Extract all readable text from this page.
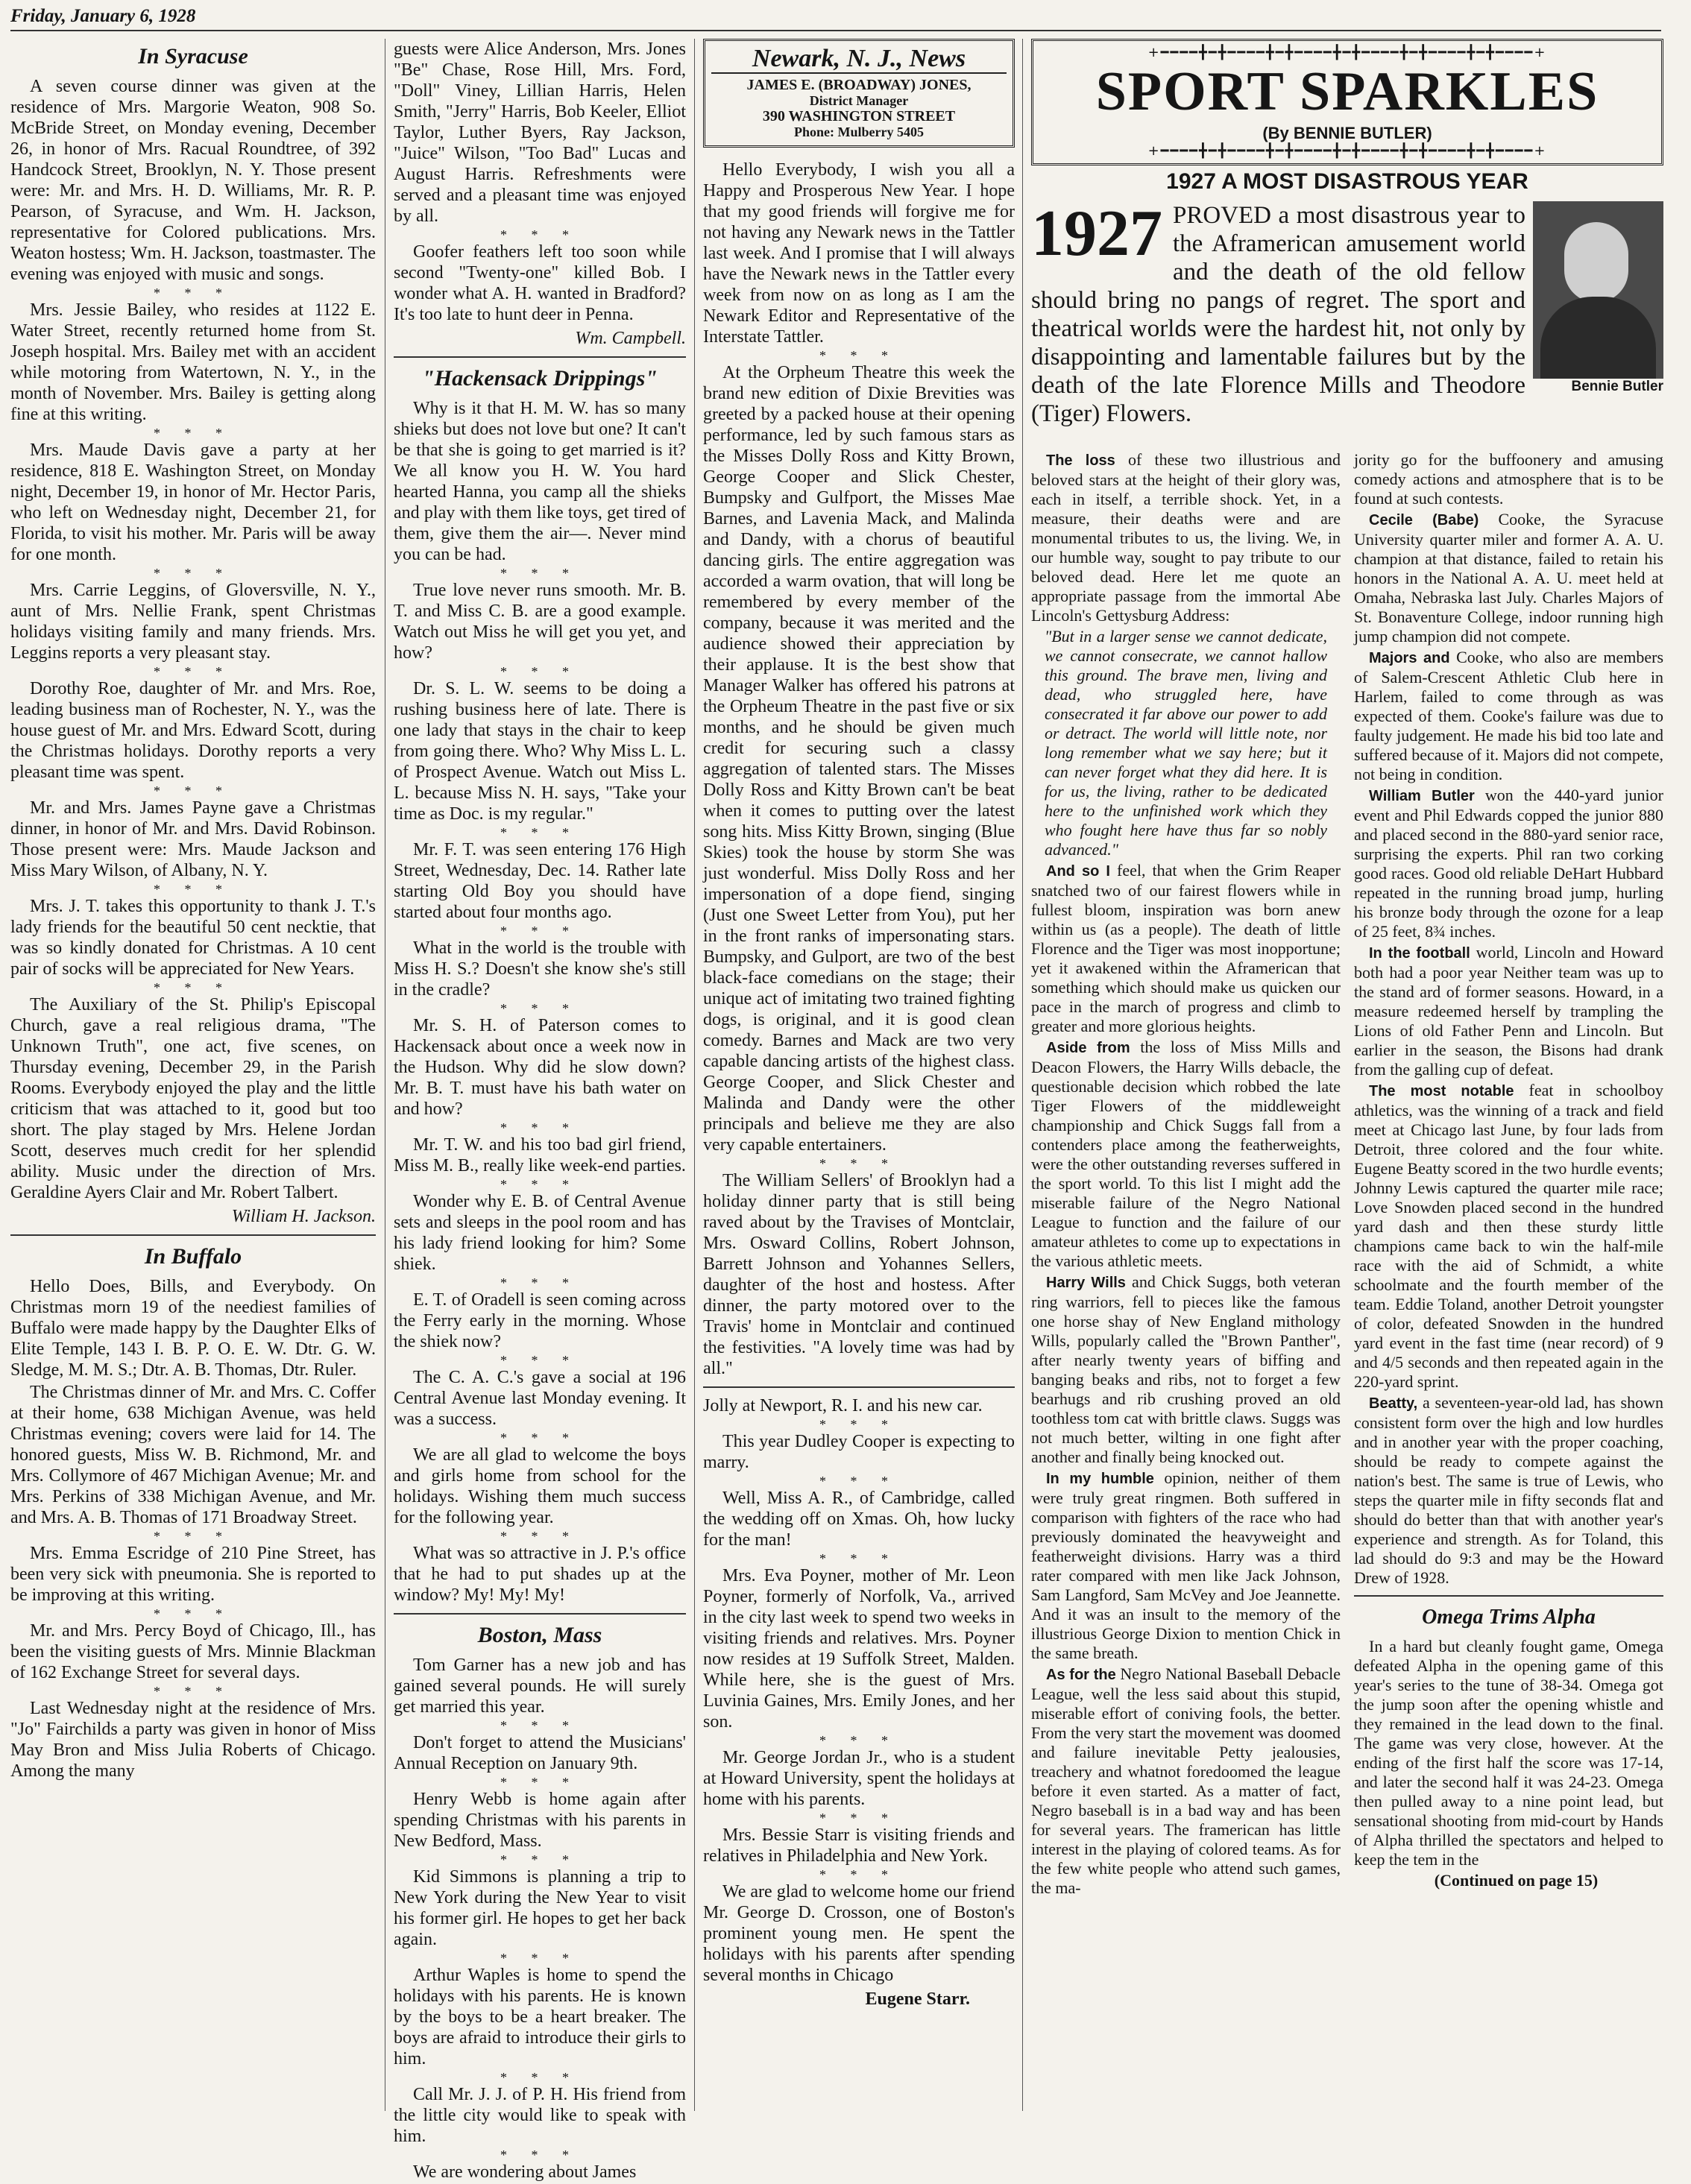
Friday, January 6, 1928
In Syracuse

A seven course dinner was given at the residence of Mrs. Margorie Weaton, 908 So. McBride Street, on Monday evening, December 26, in honor of Mrs. Racual Roundtree, of 392 Handcock Street, Brooklyn, N. Y. Those present were: Mr. and Mrs. H. D. Williams, Mr. R. P. Pearson, of Syracuse, and Wm. H. Jackson, representative for Colored publications. Mrs. Weaton hostess; Wm. H. Jackson, toastmaster. The evening was enjoyed with music and songs.

* * *

Mrs. Jessie Bailey, who resides at 1122 E. Water Street, recently returned home from St. Joseph hospital. Mrs. Bailey met with an accident while motoring from Watertown, N. Y., in the month of November. Mrs. Bailey is getting along fine at this writing.

* * *

Mrs. Maude Davis gave a party at her residence, 818 E. Washington Street, on Monday night, December 19, in honor of Mr. Hector Paris, who left on Wednesday night, December 21, for Florida, to visit his mother. Mr. Paris will be away for one month.

* * *

Mrs. Carrie Leggins, of Gloversville, N. Y., aunt of Mrs. Nellie Frank, spent Christmas holidays visiting family and many friends. Mrs. Leggins reports a very pleasant stay.

* * *

Dorothy Roe, daughter of Mr. and Mrs. Roe, leading business man of Rochester, N. Y., was the house guest of Mr. and Mrs. Edward Scott, during the Christmas holidays. Dorothy reports a very pleasant time was spent.

* * *

Mr. and Mrs. James Payne gave a Christmas dinner, in honor of Mr. and Mrs. David Robinson. Those present were: Mrs. Maude Jackson and Miss Mary Wilson, of Albany, N. Y.

* * *

Mrs. J. T. takes this opportunity to thank J. T.'s lady friends for the beautiful 50 cent necktie, that was so kindly donated for Christmas. A 10 cent pair of socks will be appreciated for New Years.

* * *

The Auxiliary of the St. Philip's Episcopal Church, gave a real religious drama, "The Unknown Truth", one act, five scenes, on Thursday evening, December 29, in the Parish Rooms. Everybody enjoyed the play and the little criticism that was attached to it, good but too short. The play staged by Mrs. Helene Jordan Scott, deserves much credit for her splendid ability. Music under the direction of Mrs. Geraldine Ayers Clair and Mr. Robert Talbert.

William H. Jackson.
In Buffalo

Hello Does, Bills, and Everybody. On Christmas morn 19 of the neediest families of Buffalo were made happy by the Daughter Elks of Elite Temple, 143 I. B. P. O. E. W. Dtr. G. W. Sledge, M. M. S.; Dtr. A. B. Thomas, Dtr. Ruler.

The Christmas dinner of Mr. and Mrs. C. Coffer at their home, 638 Michigan Avenue, was held Christmas evening; covers were laid for 14. The honored guests, Miss W. B. Richmond, Mr. and Mrs. Collymore of 467 Michigan Avenue; Mr. and Mrs. Perkins of 338 Michigan Avenue, and Mr. and Mrs. A. B. Thomas of 171 Broadway Street.

* * *

Mrs. Emma Escridge of 210 Pine Street, has been very sick with pneumonia. She is reported to be improving at this writing.

* * *

Mr. and Mrs. Percy Boyd of Chicago, Ill., has been the visiting guests of Mrs. Minnie Blackman of 162 Exchange Street for several days.

* * *

Last Wednesday night at the residence of Mrs. "Jo" Fairchilds a party was given in honor of Miss May Bron and Miss Julia Roberts of Chicago. Among the many

guests were Alice Anderson, Mrs. Jones "Be" Chase, Rose Hill, Mrs. Ford, "Doll" Viney, Lillian Harris, Helen Smith, "Jerry" Harris, Bob Keeler, Elliot Taylor, Luther Byers, Ray Jackson, "Juice" Wilson, "Too Bad" Lucas and August Harris. Refreshments were served and a pleasant time was enjoyed by all.

* * *

Goofer feathers left too soon while second "Twenty-one" killed Bob. I wonder what A. H. wanted in Bradford? It's too late to hunt deer in Penna.

Wm. Campbell.
"Hackensack Drippings"

Why is it that H. M. W. has so many shieks but does not love but one? It can't be that she is going to get married is it? We all know you H. W. You hard hearted Hanna, you camp all the shieks and play with them like toys, get tired of them, give them the air—. Never mind you can be had.

* * *

True love never runs smooth. Mr. B. T. and Miss C. B. are a good example. Watch out Miss he will get you yet, and how?

* * *

Dr. S. L. W. seems to be doing a rushing business here of late. There is one lady that stays in the chair to keep from going there. Who? Why Miss L. L. of Prospect Avenue. Watch out Miss L. L. because Miss N. H. says, "Take your time as Doc. is my regular."

* * *

Mr. F. T. was seen entering 176 High Street, Wednesday, Dec. 14. Rather late starting Old Boy you should have started about four months ago.

* * *

What in the world is the trouble with Miss H. S.? Doesn't she know she's still in the cradle?

* * *

Mr. S. H. of Paterson comes to Hackensack about once a week now in the Hudson. Why did he slow down? Mr. B. T. must have his bath water on and how?

* * *

Mr. T. W. and his too bad girl friend, Miss M. B., really like week-end parties.

* * *

Wonder why E. B. of Central Avenue sets and sleeps in the pool room and has his lady friend looking for him? Some shiek.

* * *

E. T. of Oradell is seen coming across the Ferry early in the morning. Whose the shiek now?

* * *

The C. A. C.'s gave a social at 196 Central Avenue last Monday evening. It was a success.

* * *

We are all glad to welcome the boys and girls home from school for the holidays. Wishing them much success for the following year.

* * *

What was so attractive in J. P.'s office that he had to put shades up at the window? My! My! My!

Boston, Mass

Tom Garner has a new job and has gained several pounds. He will surely get married this year.

* * *

Don't forget to attend the Musicians' Annual Reception on January 9th.

* * *

Henry Webb is home again after spending Christmas with his parents in New Bedford, Mass.

* * *

Kid Simmons is planning a trip to New York during the New Year to visit his former girl. He hopes to get her back again.

* * *

Arthur Waples is home to spend the holidays with his parents. He is known by the boys to be a heart breaker. The boys are afraid to introduce their girls to him.

* * *

Call Mr. J. J. of P. H. His friend from the little city would like to speak with him.

* * *

We are wondering about James

Newark, N. J., News
JAMES E. (BROADWAY) JONES,
District Manager
390 WASHINGTON STREET
Phone: Mulberry 5405

Hello Everybody, I wish you all a Happy and Prosperous New Year. I hope that my good friends will forgive me for not having any Newark news in the Tattler last week. And I promise that I will always have the Newark news in the Tattler every week from now on as long as I am the Newark Editor and Representative of the Interstate Tattler.

* * *

At the Orpheum Theatre this week the brand new edition of Dixie Brevities was greeted by a packed house at their opening performance, led by such famous stars as the Misses Dolly Ross and Kitty Brown, George Cooper and Slick Chester, Bumpsky and Gulfport, the Misses Mae Barnes, and Lavenia Mack, and Malinda and Dandy, with a chorus of beautiful dancing girls. The entire aggregation was accorded a warm ovation, that will long be remembered by every member of the company, because it was merited and the audience showed their appreciation by their applause. It is the best show that Manager Walker has offered his patrons at the Orpheum Theatre in the past five or six months, and he should be given much credit for securing such a classy aggregation of talented stars. The Misses Dolly Ross and Kitty Brown can't be beat when it comes to putting over the latest song hits. Miss Kitty Brown, singing (Blue Skies) took the house by storm She was just wonderful. Miss Dolly Ross and her impersonation of a dope fiend, singing (Just one Sweet Letter from You), put her in the front ranks of impersonating stars. Bumpsky, and Gulport, are two of the best black-face comedians on the stage; their unique act of imitating two trained fighting dogs, is original, and it is good clean comedy. Barnes and Mack are two very capable dancing artists of the highest class. George Cooper, and Slick Chester and Malinda and Dandy were the other principals and believe me they are also very capable entertainers.

* * *

The William Sellers' of Brooklyn had a holiday dinner party that is still being raved about by the Travises of Montclair, Mrs. Osward Collins, Robert Johnson, Barrett Johnson and Yohannes Sellers, daughter of the host and hostess. After dinner, the party motored over to the Travis' home in Montclair and continued the festivities. "A lovely time was had by all."

Jolly at Newport, R. I. and his new car.

* * *

This year Dudley Cooper is expecting to marry.

* * *

Well, Miss A. R., of Cambridge, called the wedding off on Xmas. Oh, how lucky for the man!

* * *

Mrs. Eva Poyner, mother of Mr. Leon Poyner, formerly of Norfolk, Va., arrived in the city last week to spend two weeks in visiting friends and relatives. Mrs. Poyner now resides at 19 Suffolk Street, Malden. While here, she is the guest of Mrs. Luvinia Gaines, Mrs. Emily Jones, and her son.

* * *

Mr. George Jordan Jr., who is a student at Howard University, spent the holidays at home with his parents.

* * *

Mrs. Bessie Starr is visiting friends and relatives in Philadelphia and New York.

* * *

We are glad to welcome home our friend Mr. George D. Crosson, one of Boston's prominent young men. He spent the holidays with his parents after spending several months in Chicago

Eugene Starr.
+━━━━╋━╋━━━━╋━╋━━━━╋━╋━━━━╋━╋━━━━╋━╋━━━━+
SPORT SPARKLES
(By BENNIE BUTLER)
+━━━━╋━╋━━━━╋━╋━━━━╋━╋━━━━╋━╋━━━━╋━╋━━━━+
1927 A MOST DISASTROUS YEAR
Bennie Butler
1927 PROVED a most disastrous year to the Aframerican amusement world and the death of the old fellow should bring no pangs of regret. The sport and theatrical worlds were the hardest hit, not only by disappointing and lamentable failures but by the death of the late Florence Mills and Theodore (Tiger) Flowers.

The loss of these two illustrious and beloved stars at the height of their glory was, each in itself, a terrible shock. Yet, in a measure, their deaths were and are monumental tributes to us, the living. We, in our humble way, sought to pay tribute to our beloved dead. Here let me quote an appropriate passage from the immortal Abe Lincoln's Gettysburg Address:

"But in a larger sense we cannot dedicate, we cannot consecrate, we cannot hallow this ground. The brave men, living and dead, who struggled here, have consecrated it far above our power to add or detract. The world will little note, nor long remember what we say here; but it can never forget what they did here. It is for us, the living, rather to be dedicated here to the unfinished work which they who fought here have thus far so nobly advanced."

And so I feel, that when the Grim Reaper snatched two of our fairest flowers while in fullest bloom, inspiration was born anew within us (as a people). The death of little Florence and the Tiger was most inopportune; yet it awakened within the Aframerican that something which should make us quicken our pace in the march of progress and climb to greater and more glorious heights.

Aside from the loss of Miss Mills and Deacon Flowers, the Harry Wills debacle, the questionable decision which robbed the late Tiger Flowers of the middleweight championship and Chick Suggs fall from a contenders place among the featherweights, were the other outstanding reverses suffered in the sport world. To this list I might add the miserable failure of the Negro National League to function and the failure of our amateur athletes to come up to expectations in the various athletic meets.

Harry Wills and Chick Suggs, both veteran ring warriors, fell to pieces like the famous one horse shay of New England mithology Wills, popularly called the "Brown Panther", after nearly twenty years of biffing and banging beaks and ribs, not to forget a few bearhugs and rib crushing proved an old toothless tom cat with brittle claws. Suggs was not much better, wilting in one fight after another and finally being knocked out.

In my humble opinion, neither of them were truly great ringmen. Both suffered in comparison with fighters of the race who had previously dominated the heavyweight and featherweight divisions. Harry was a third rater compared with men like Jack Johnson, Sam Langford, Sam McVey and Joe Jeannette. And it was an insult to the memory of the illustrious George Dixion to mention Chick in the same breath.

As for the Negro National Baseball Debacle League, well the less said about this stupid, miserable effort of coniving fools, the better. From the very start the movement was doomed and failure inevitable Petty jealousies, treachery and whatnot foredoomed the league before it even started. As a matter of fact, Negro baseball is in a bad way and has been for several years. The framerican has little interest in the playing of colored teams. As for the few white people who attend such games, the ma-

jority go for the buffoonery and amusing comedy actions and atmosphere that is to be found at such contests.

Cecile (Babe) Cooke, the Syracuse University quarter miler and former A. A. U. champion at that distance, failed to retain his honors in the National A. A. U. meet held at Omaha, Nebraska last July. Charles Majors of St. Bonaventure College, indoor running high jump champion did not compete.

Majors and Cooke, who also are members of Salem-Crescent Athletic Club here in Harlem, failed to come through as was expected of them. Cooke's failure was due to faulty judgement. He made his bid too late and suffered because of it. Majors did not compete, not being in condition.

William Butler won the 440-yard junior event and Phil Edwards copped the junior 880 and placed second in the 880-yard senior race, surprising the experts. Phil ran two corking good races. Good old reliable DeHart Hubbard repeated in the running broad jump, hurling his bronze body through the ozone for a leap of 25 feet, 8¾ inches.

In the football world, Lincoln and Howard both had a poor year Neither team was up to the stand ard of former seasons. Howard, in a measure redeemed herself by trampling the Lions of old Father Penn and Lincoln. But earlier in the season, the Bisons had drank from the galling cup of defeat.

The most notable feat in schoolboy athletics, was the winning of a track and field meet at Chicago last June, by four lads from Detroit, three colored and the four white. Eugene Beatty scored in the two hurdle events; Johnny Lewis captured the quarter mile race; Love Snowden placed second in the hundred yard dash and then these sturdy little champions came back to win the half-mile race with the aid of Schmidt, a white schoolmate and the fourth member of the team. Eddie Toland, another Detroit youngster of color, defeated Snowden in the hundred yard event in the fast time (near record) of 9 and 4/5 seconds and then repeated again in the 220-yard sprint.

Beatty, a seventeen-year-old lad, has shown consistent form over the high and low hurdles and in another year with the proper coaching, should be ready to compete against the nation's best. The same is true of Lewis, who steps the quarter mile in fifty seconds flat and should do better than that with another year's experience and strength. As for Toland, this lad should do 9:3 and may be the Howard Drew of 1928.

Omega Trims Alpha

In a hard but cleanly fought game, Omega defeated Alpha in the opening game of this year's series to the tune of 38-34. Omega got the jump soon after the opening whistle and they remained in the lead down to the final. The game was very close, however. At the ending of the first half the score was 17-14, and later the second half it was 24-23. Omega then pulled away to a nine point lead, but sensational shooting from mid-court by Hands of Alpha thrilled the spectators and helped to keep the tem in the

(Continued on page 15)
